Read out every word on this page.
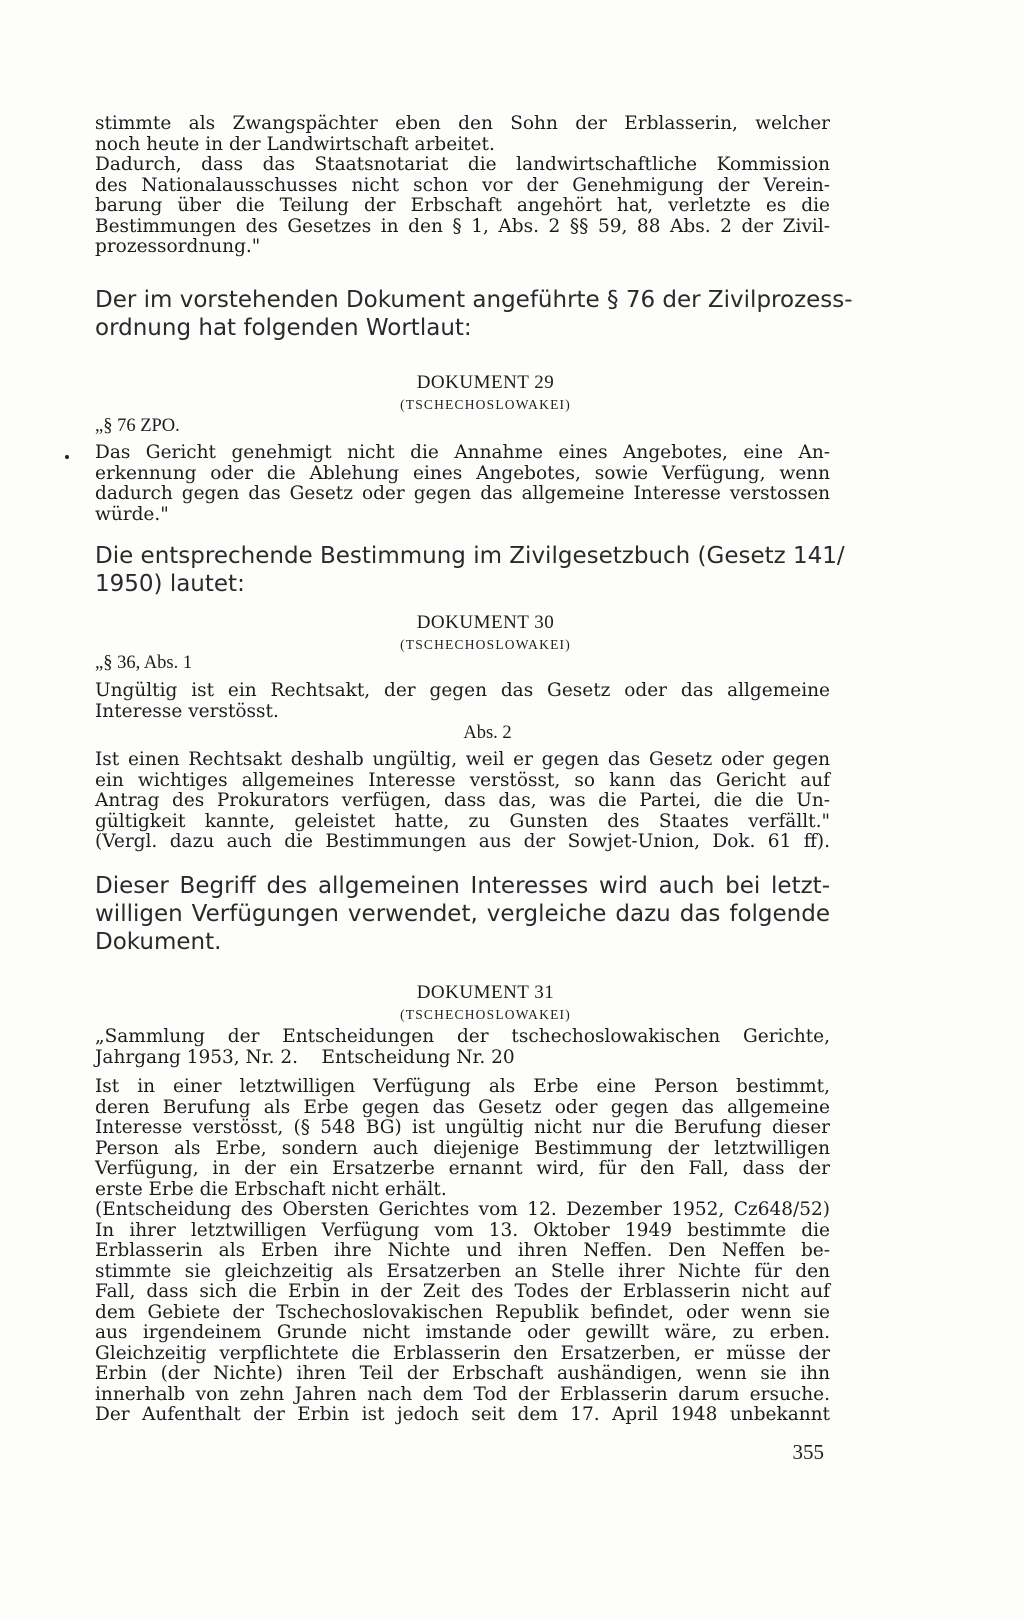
stimmte als Zwangspächter eben den Sohn der Erblasserin, welcher
noch heute in der Landwirtschaft arbeitet.
Dadurch, dass das Staatsnotariat die landwirtschaftliche Kommission
des Nationalausschusses nicht schon vor der Genehmigung der Verein-
barung über die Teilung der Erbschaft angehört hat, verletzte es die
Bestimmungen des Gesetzes in den § 1, Abs. 2 §§ 59, 88 Abs. 2 der Zivil-
prozessordnung."
Der im vorstehenden Dokument angeführte § 76 der Zivilprozess-
ordnung hat folgenden Wortlaut:
DOKUMENT 29
(TSCHECHOSLOWAKEI)
„§ 76 ZPO.
Das Gericht genehmigt nicht die Annahme eines Angebotes, eine An-
erkennung oder die Ablehung eines Angebotes, sowie Verfügung, wenn
dadurch gegen das Gesetz oder gegen das allgemeine Interesse verstossen
würde."
Die entsprechende Bestimmung im Zivilgesetzbuch (Gesetz 141/
1950) lautet:
DOKUMENT 30
(TSCHECHOSLOWAKEI)
„§ 36, Abs. 1
Ungültig ist ein Rechtsakt, der gegen das Gesetz oder das allgemeine
Interesse verstösst.
Abs. 2
Ist einen Rechtsakt deshalb ungültig, weil er gegen das Gesetz oder gegen
ein wichtiges allgemeines Interesse verstösst, so kann das Gericht auf
Antrag des Prokurators verfügen, dass das, was die Partei, die die Un-
gültigkeit kannte, geleistet hatte, zu Gunsten des Staates verfällt."
(Vergl. dazu auch die Bestimmungen aus der Sowjet-Union, Dok. 61 ff).
Dieser Begriff des allgemeinen Interesses wird auch bei letzt-
willigen Verfügungen verwendet, vergleiche dazu das folgende
Dokument.
DOKUMENT 31
(TSCHECHOSLOWAKEI)
„Sammlung der Entscheidungen der tschechoslowakischen Gerichte,
Jahrgang 1953, Nr. 2.    Entscheidung Nr. 20
Ist in einer letztwilligen Verfügung als Erbe eine Person bestimmt,
deren Berufung als Erbe gegen das Gesetz oder gegen das allgemeine
Interesse verstösst, (§ 548 BG) ist ungültig nicht nur die Berufung dieser
Person als Erbe, sondern auch diejenige Bestimmung der letztwilligen
Verfügung, in der ein Ersatzerbe ernannt wird, für den Fall, dass der
erste Erbe die Erbschaft nicht erhält.
(Entscheidung des Obersten Gerichtes vom 12. Dezember 1952, Cz648/52)
In ihrer letztwilligen Verfügung vom 13. Oktober 1949 bestimmte die
Erblasserin als Erben ihre Nichte und ihren Neffen. Den Neffen be-
stimmte sie gleichzeitig als Ersatzerben an Stelle ihrer Nichte für den
Fall, dass sich die Erbin in der Zeit des Todes der Erblasserin nicht auf
dem Gebiete der Tschechoslovakischen Republik befindet, oder wenn sie
aus irgendeinem Grunde nicht imstande oder gewillt wäre, zu erben.
Gleichzeitig verpflichtete die Erblasserin den Ersatzerben, er müsse der
Erbin (der Nichte) ihren Teil der Erbschaft aushändigen, wenn sie ihn
innerhalb von zehn Jahren nach dem Tod der Erblasserin darum ersuche.
Der Aufenthalt der Erbin ist jedoch seit dem 17. April 1948 unbekannt
355
